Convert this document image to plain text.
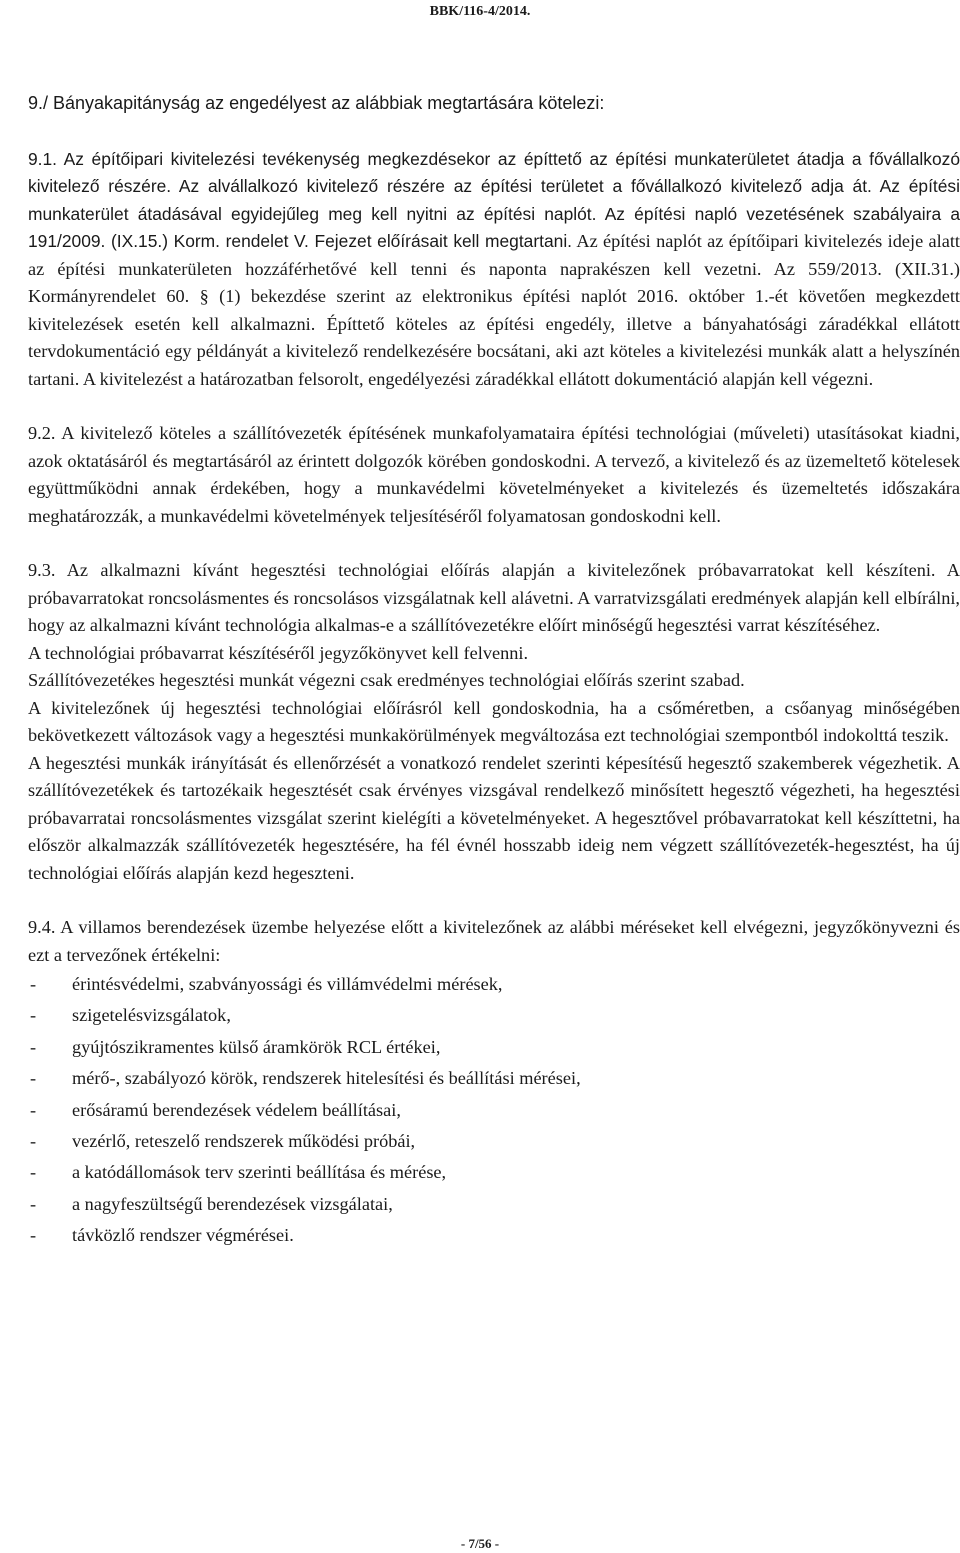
BBK/116-4/2014.

9./ Bányakapitányság az engedélyest az alábbiak megtartására kötelezi:

9.1. Az építőipari kivitelezési tevékenység megkezdésekor az építtető az építési munkaterületet átadja a fővállalkozó kivitelező részére. Az alvállalkozó kivitelező részére az építési területet a fővállalkozó kivitelező adja át. Az építési munkaterület átadásával egyidejűleg meg kell nyitni az építési naplót. Az építési napló vezetésének szabályaira a 191/2009. (IX.15.) Korm. rendelet V. Fejezet előírásait kell megtartani. Az építési naplót az építőipari kivitelezés ideje alatt az építési munkaterületen hozzáférhetővé kell tenni és naponta naprakészen kell vezetni. Az 559/2013. (XII.31.) Kormányrendelet 60. § (1) bekezdése szerint az elektronikus építési naplót 2016. október 1.-ét követően megkezdett kivitelezések esetén kell alkalmazni. Építtető köteles az építési engedély, illetve a bányahatósági záradékkal ellátott tervdokumentáció egy példányát a kivitelező rendelkezésére bocsátani, aki azt köteles a kivitelezési munkák alatt a helyszínén tartani. A kivitelezést a határozatban felsorolt, engedélyezési záradékkal ellátott dokumentáció alapján kell végezni.

9.2. A kivitelező köteles a szállítóvezeték építésének munkafolyamataira építési technológiai (műveleti) utasításokat kiadni, azok oktatásáról és megtartásáról az érintett dolgozók körében gondoskodni. A tervező, a kivitelező és az üzemeltető kötelesek együttműködni annak érdekében, hogy a munkavédelmi követelményeket a kivitelezés és üzemeltetés időszakára meghatározzák, a munkavédelmi követelmények teljesítéséről folyamatosan gondoskodni kell.

9.3. Az alkalmazni kívánt hegesztési technológiai előírás alapján a kivitelezőnek próbavarratokat kell készíteni. A próbavarratokat roncsolásmentes és roncsolásos vizsgálatnak kell alávetni. A varratvizsgálati eredmények alapján kell elbírálni, hogy az alkalmazni kívánt technológia alkalmas-e a szállítóvezetékre előírt minőségű hegesztési varrat készítéséhez.

A technológiai próbavarrat készítéséről jegyzőkönyvet kell felvenni.

Szállítóvezetékes hegesztési munkát végezni csak eredményes technológiai előírás szerint szabad.

A kivitelezőnek új hegesztési technológiai előírásról kell gondoskodnia, ha a csőméretben, a csőanyag minőségében bekövetkezett változások vagy a hegesztési munkakörülmények megváltozása ezt technológiai szempontból indokolttá teszik.

A hegesztési munkák irányítását és ellenőrzését a vonatkozó rendelet szerinti képesítésű hegesztő szakemberek végezhetik. A szállítóvezetékek és tartozékaik hegesztését csak érvényes vizsgával rendelkező minősített hegesztő végezheti, ha hegesztési próbavarratai roncsolásmentes vizsgálat szerint kielégíti a követelményeket. A hegesztővel próbavarratokat kell készíttetni, ha először alkalmazzák szállítóvezeték hegesztésére, ha fél évnél hosszabb ideig nem végzett szállítóvezeték-hegesztést, ha új technológiai előírás alapján kezd hegeszteni.

9.4. A villamos berendezések üzembe helyezése előtt a kivitelezőnek az alábbi méréseket kell elvégezni, jegyzőkönyvezni és ezt a tervezőnek értékelni:

- érintésvédelmi, szabványossági és villámvédelmi mérések,
- szigetelésvizsgálatok,
- gyújtószikramentes külső áramkörök RCL értékei,
- mérő-, szabályozó körök, rendszerek hitelesítési és beállítási mérései,
- erősáramú berendezések védelem beállításai,
- vezérlő, reteszelő rendszerek működési próbái,
- a katódállomások terv szerinti beállítása és mérése,
- a nagyfeszültségű berendezések vizsgálatai,
- távközlő rendszer végmérései.
- 7/56 -
